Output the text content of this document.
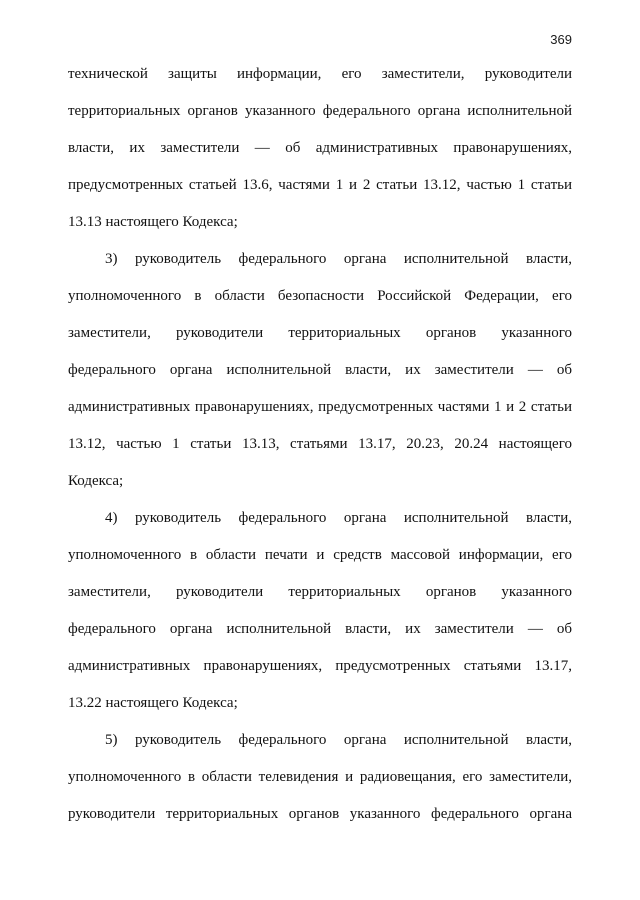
369
технической защиты информации, его заместители, руководители
территориальных органов указанного федерального органа исполнительной
власти, их заместители — об административных правонарушениях,
предусмотренных статьей 13.6, частями 1 и 2 статьи 13.12, частью 1 статьи
13.13 настоящего Кодекса;
3) руководитель федерального органа исполнительной власти,
уполномоченного в области безопасности Российской Федерации, его
заместители, руководители территориальных органов указанного
федерального органа исполнительной власти, их заместители — об
административных правонарушениях, предусмотренных частями 1 и 2 статьи
13.12, частью 1 статьи 13.13, статьями 13.17, 20.23, 20.24 настоящего
Кодекса;
4) руководитель федерального органа исполнительной власти,
уполномоченного в области печати и средств массовой информации, его
заместители, руководители территориальных органов указанного
федерального органа исполнительной власти, их заместители — об
административных правонарушениях, предусмотренных статьями 13.17,
13.22 настоящего Кодекса;
5) руководитель федерального органа исполнительной власти,
уполномоченного в области телевидения и радиовещания, его заместители,
руководители территориальных органов указанного федерального органа
